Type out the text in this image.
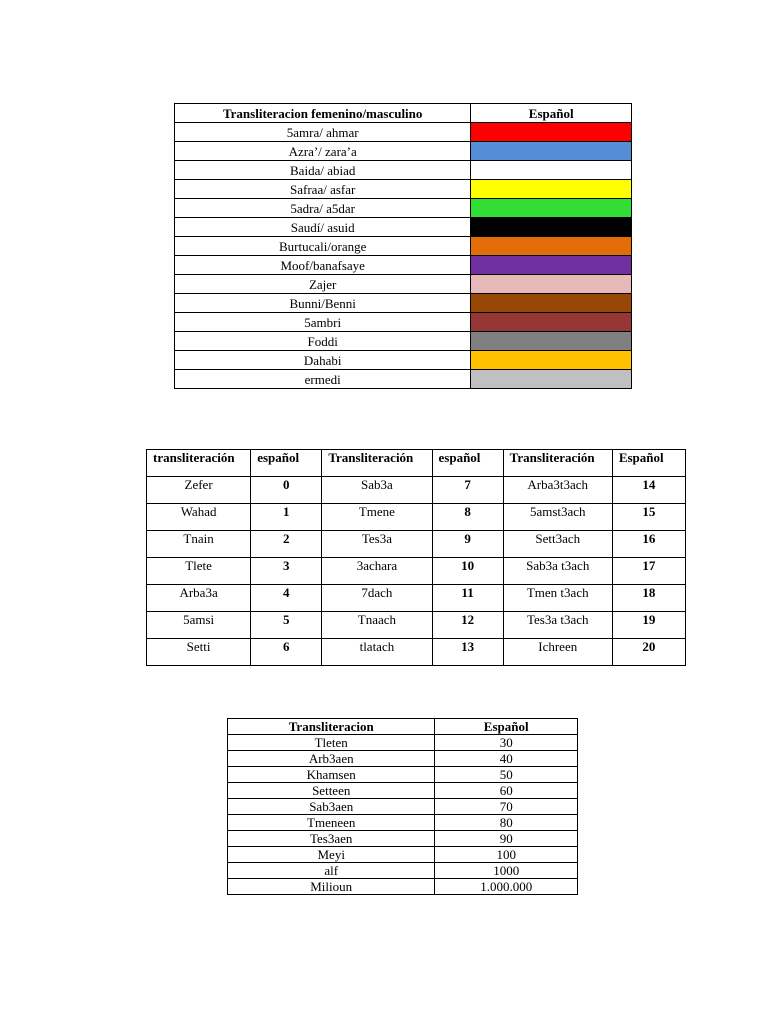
Transliteracion femenino/masculino	Español
5amra/ ahmar	

Azra’/ zara’a	

Baida/ abiad	

Safraa/ asfar	

5adra/ a5dar	

Saudí/ asuid	

Burtucali/orange	

Moof/banafsaye	

Zajer	

Bunni/Benni	

5ambri	

Foddi	

Dahabi	

ermedi	
transliteración	español	Transliteración	español	Transliteración	Español
Zefer	0	Sab3a	7	Arba3t3ach	14
Wahad	1	Tmene	8	5amst3ach	15
Tnain	2	Tes3a	9	Sett3ach	16
Tlete	3	3achara	10	Sab3a t3ach	17
Arba3a	4	7dach	11	Tmen t3ach	18
5amsi	5	Tnaach	12	Tes3a t3ach	19
Setti	6	tlatach	13	Ichreen	20
Transliteracion	Español
Tleten	30
Arb3aen	40
Khamsen	50
Setteen	60
Sab3aen	70
Tmeneen	80
Tes3aen	90
Meyi	100
alf	1000
Milioun	1.000.000
